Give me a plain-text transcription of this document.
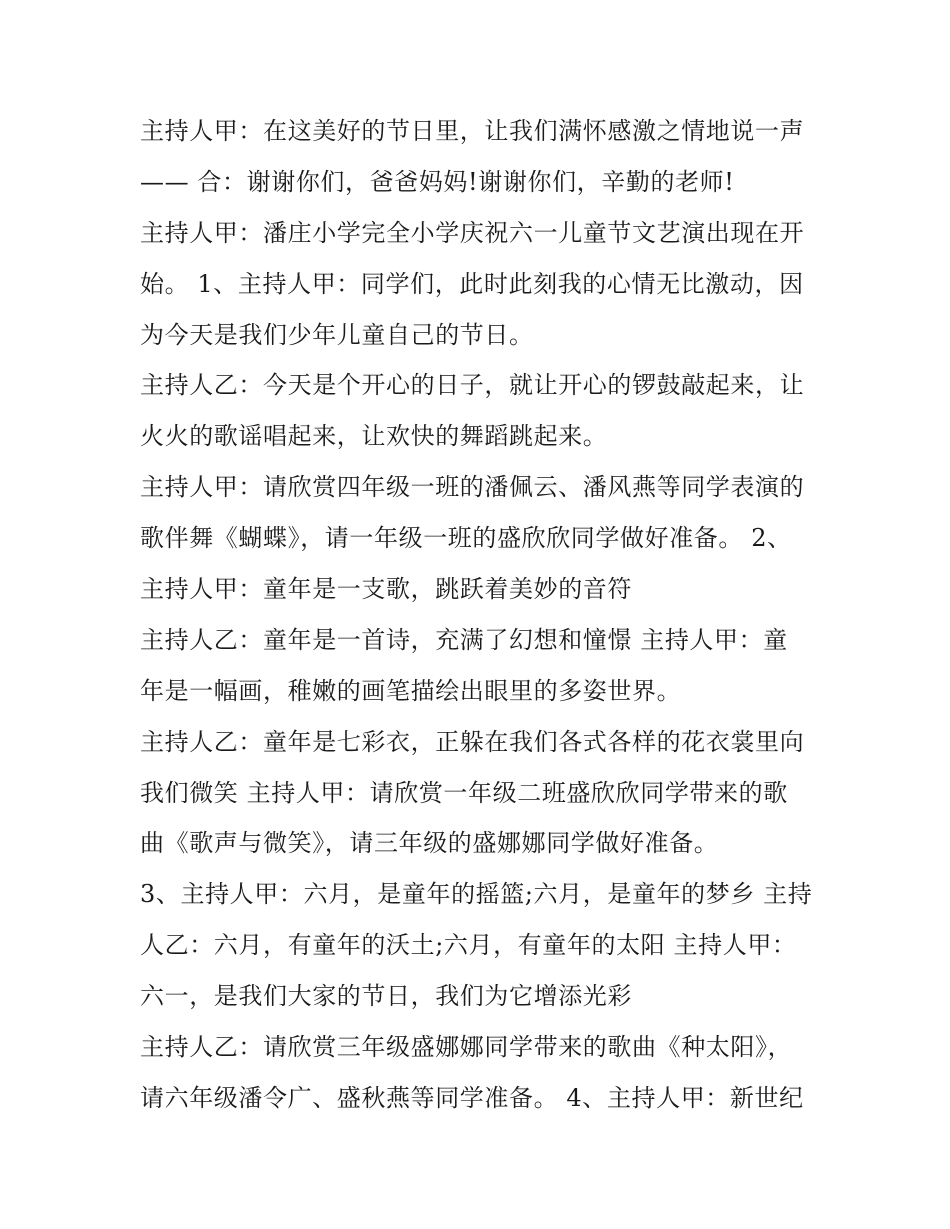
主持人甲：在这美好的节日里，让我们满怀感激之情地说一声
—— 合：谢谢你们，爸爸妈妈!谢谢你们，辛勤的老师!
主持人甲：潘庄小学完全小学庆祝六一儿童节文艺演出现在开
始。 1、主持人甲：同学们，此时此刻我的心情无比激动，因
为今天是我们少年儿童自己的节日。
主持人乙：今天是个开心的日子，就让开心的锣鼓敲起来，让
火火的歌谣唱起来，让欢快的舞蹈跳起来。
主持人甲：请欣赏四年级一班的潘佩云、潘风燕等同学表演的
歌伴舞《蝴蝶》，请一年级一班的盛欣欣同学做好准备。 2、
主持人甲：童年是一支歌，跳跃着美妙的音符
主持人乙：童年是一首诗，充满了幻想和憧憬 主持人甲：童
年是一幅画，稚嫩的画笔描绘出眼里的多姿世界。
主持人乙：童年是七彩衣，正躲在我们各式各样的花衣裳里向
我们微笑 主持人甲：请欣赏一年级二班盛欣欣同学带来的歌
曲《歌声与微笑》，请三年级的盛娜娜同学做好准备。
3、主持人甲：六月，是童年的摇篮;六月，是童年的梦乡 主持
人乙：六月，有童年的沃土;六月，有童年的太阳 主持人甲：
六一，是我们大家的节日，我们为它增添光彩
主持人乙：请欣赏三年级盛娜娜同学带来的歌曲《种太阳》，
请六年级潘令广、盛秋燕等同学准备。 4、主持人甲：新世纪
